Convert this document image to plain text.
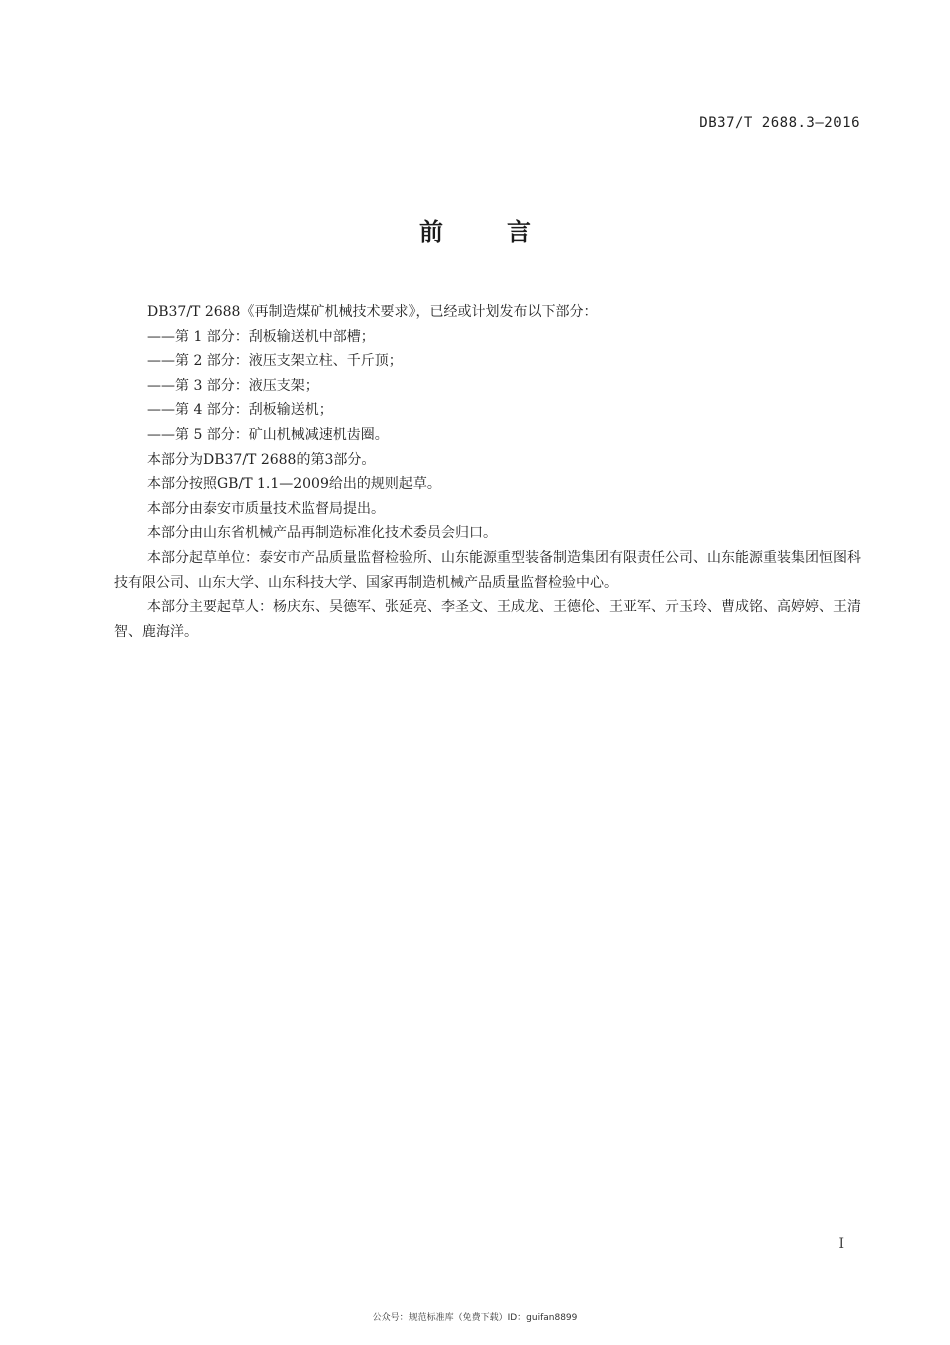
DB37/T 2688.3—2016
前　言

DB37/T 2688《再制造煤矿机械技术要求》，已经或计划发布以下部分：

——第 1 部分：刮板输送机中部槽；

——第 2 部分：液压支架立柱、千斤顶；

——第 3 部分：液压支架；

——第 4 部分：刮板输送机；

——第 5 部分：矿山机械减速机齿圈。

本部分为DB37/T 2688的第3部分。

本部分按照GB/T 1.1—2009给出的规则起草。

本部分由泰安市质量技术监督局提出。

本部分由山东省机械产品再制造标准化技术委员会归口。

本部分起草单位：泰安市产品质量监督检验所、山东能源重型装备制造集团有限责任公司、山东能源重装集团恒图科技有限公司、山东大学、山东科技大学、国家再制造机械产品质量监督检验中心。

本部分主要起草人：杨庆东、吴德军、张延亮、李圣文、王成龙、王德伦、王亚军、亓玉玲、曹成铭、高婷婷、王清智、鹿海洋。

I
公众号：规范标准库（免费下载）ID：guifan8899
